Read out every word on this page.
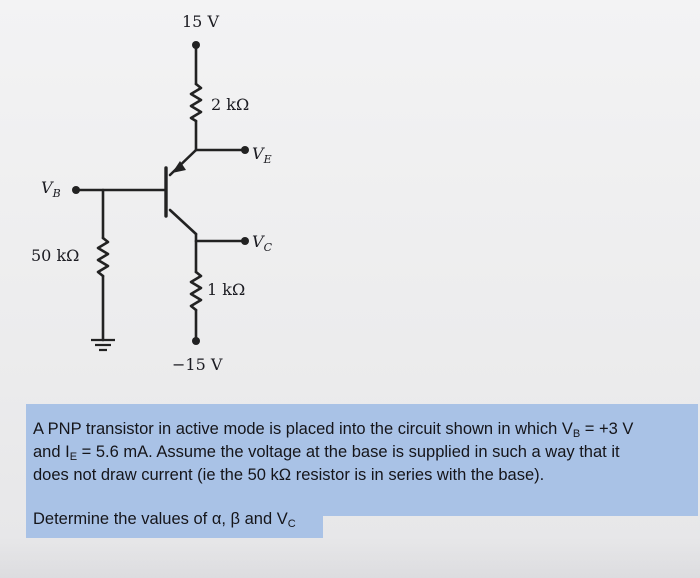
15 V
2 kΩ
$V_E$
$V_B$
$V_C$
50 kΩ
1 kΩ
−15 V
A PNP transistor in active mode is placed into the circuit shown in which $V_B = +3$ V
and $I_E = 5.6$ mA. Assume the voltage at the base is supplied in such a way that it
does not draw current (ie the 50 kΩ resistor is in series with the base).
Determine the values of α, β and $V_C$
